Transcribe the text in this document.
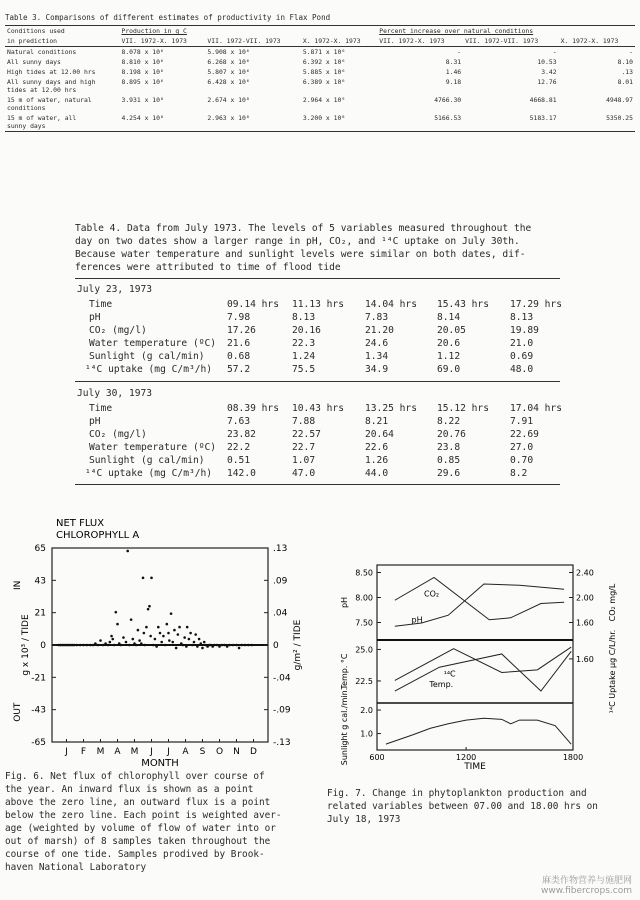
Table 3. Comparisons of different estimates of productivity in Flax Pond
Conditions used	Production in g C			Percent increase over natural conditions		
in prediction	VII. 1972-X. 1973	VII. 1972-VII. 1973	X. 1972-X. 1973	VII. 1972-X. 1973	VII. 1972-VII. 1973	X. 1972-X. 1973

Natural conditions	8.078 x 10⁶	5.908 x 10⁶	5.871 x 10⁶	-	-	-

All sunny days	8.810 x 10⁶	6.268 x 10⁶	6.392 x 10⁶	8.31	10.53	8.10

High tides at 12.00 hrs	8.198 x 10⁶	5.807 x 10⁶	5.885 x 10⁶	1.46	3.42	.13

All sunny days and high
tides at 12.00 hrs	8.895 x 10⁶	6.428 x 10⁶	6.389 x 10⁶	9.18	12.76	8.01

15 m of water, natural
conditions	3.931 x 10⁸	2.674 x 10⁸	2.964 x 10⁹	4766.30	4668.81	4948.97

15 m of water, all
sunny days	4.254 x 10⁸	2.963 x 10⁸	3.200 x 10⁸	5166.53	5183.17	5350.25
Table 4. Data from July 1973. The levels of 5 variables measured throughout the
day on two dates show a larger range in pH, CO₂, and ¹⁴C uptake on July 30th.
Because water temperature and sunlight levels were similar on both dates, dif-
ferences were attributed to time of flood tide
July 23, 1973
Time	09.14 hrs 11.13 hrs 14.04 hrs 15.43 hrs 17.29 hrs
pH	7.98	8.13	7.83	8.14	8.13
CO₂ (mg/l)	17.26	20.16	21.20	20.05	19.89
Water temperature (ºC) 21.6	22.3	24.6	20.6	21.0
Sunlight (g cal/min) 0.68	1.24	1.34	1.12	0.69
¹⁴C uptake (mg C/m³/h) 57.2	75.5	34.9	69.0	48.0
July 30, 1973
Time	08.39 hrs 10.43 hrs 13.25 hrs 15.12 hrs 17.04 hrs
pH	7.63	7.88	8.21	8.22	7.91
CO₂ (mg/l)	23.82	22.57	20.64	20.76	22.69
Water temperature (ºC) 22.2	22.7	22.6	23.8	27.0
Sunlight (g cal/min) 0.51	1.07	1.26	0.85	0.70
¹⁴C uptake (mg C/m³/h) 142.0	47.0	44.0	29.6	8.2
NET FLUX
CHLOROPHYLL A
65
43
21
0
-21
-43
-65
.13
.09
.04
0
-.04
-.09
-.13
IN
OUT
g x 10³ / TIDE	g/m² / TIDE
J F M A M J J A S O N D
MONTH
Fig. 6. Net flux of chlorophyll over course of
the year. An inward flux is shown as a point
above the zero line, an outward flux is a point
below the zero line. Each point is weighted aver-
age (weighted by volume of flow of water into or
out of marsh) of 8 samples taken throughout the
course of one tide. Samples prodived by Brook-
haven National Laboratory
8.50
8.00
7.50
2.40
2.00
1.60
pH	CO₂ mg/L
CO₂
pH
25.0
22.5
1.60
Temp. °C	¹⁴C Uptake µg C/L/hr.
¹⁴C
Temp.
2.0
1.0
Sunlight g cal./min.	600	1200	1800
TIME
Fig. 7. Change in phytoplankton production and
related variables between 07.00 and 18.00 hrs on
July 18, 1973
麻类作物营养与施肥网
www.fibercrops.com
